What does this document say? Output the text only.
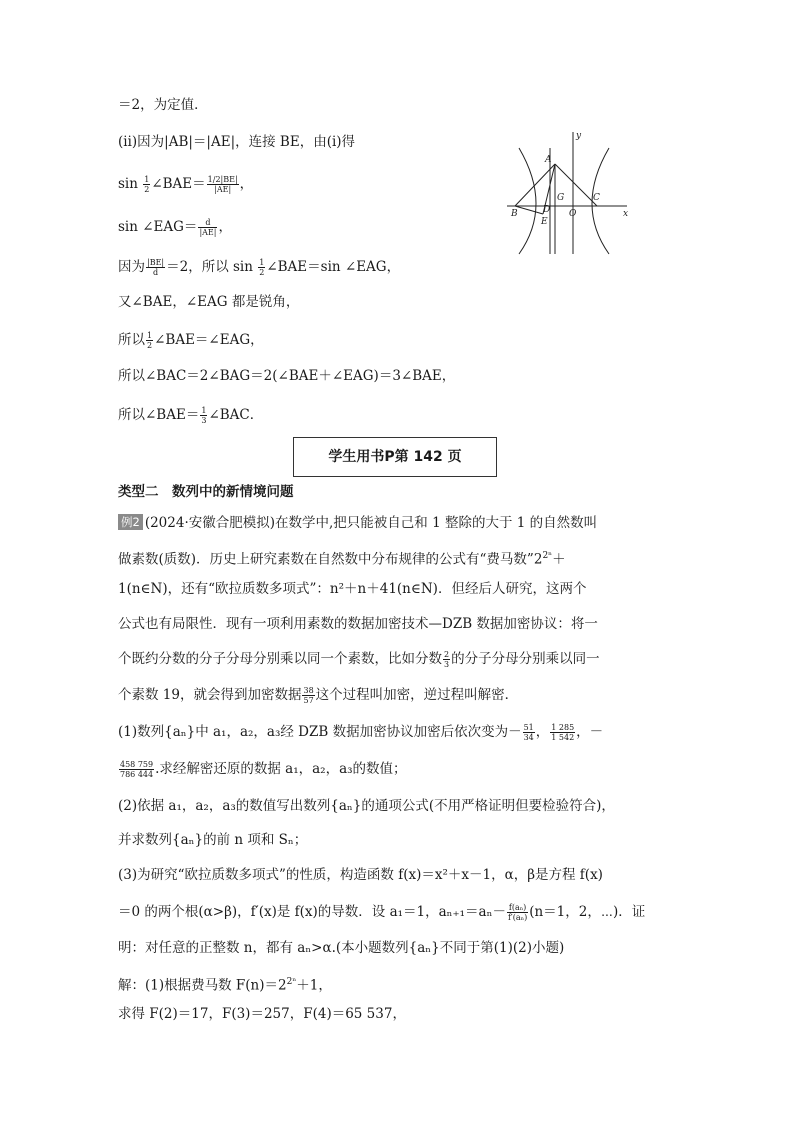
＝2，为定值．
(ⅱ)因为|AB|＝|AE|，连接 BE，由(ⅰ)得
$\sin \frac{1}{2}$ ∠BAE＝ $\frac{1/2|BE|}{|AE|}$ ，
sin ∠EAG＝ $\frac{d}{|AE|}$ ，
因为 $\frac{|BE|}{d} =2$，所以 $\sin \frac{1}{2}$ ∠BAE＝sin ∠EAG，
又∠BAE，∠EAG 都是锐角，
所以 $\frac{1}{2}$ ∠BAE＝∠EAG，
所以∠BAC＝2∠BAG＝2(∠BAE＋∠EAG)＝3∠BAE，
所以∠BAE＝ $\frac{1}{3}$ ∠BAC．
y
x
A
B
C
D
E
G
O
学生用书P第 142 页
类型二　数列中的新情境问题
例2 (2024·安徽合肥模拟)在数学中,把只能被自己和 1 整除的大于 1 的自然数叫
做素数(质数)．历史上研究素数在自然数中分布规律的公式有“费马数$”2^{2^n}+$
1(n∈N)，还有“欧拉质数多项式”：n²＋n＋41(n∈N)．但经后人研究，这两个
公式也有局限性．现有一项利用素数的数据加密技术—DZB 数据加密协议：将一
个既约分数的分子分母分别乘以同一个素数，比如分数 $\frac{2}{3}$ 的分子分母分别乘以同一
个素数 19，就会得到加密数据 $\frac{38}{57}$ 这个过程叫加密，逆过程叫解密．
(1)数列{aₙ}中 a₁，a₂，a₃经 DZB 数据加密协议加密后依次变为－ $\frac{51}{34}$ ， $\frac{1 285}{1 542}$ ，－
$\frac{458 759}{786 444}$ .求经解密还原的数据 a₁，a₂，a₃的数值；
(2)依据 a₁，a₂，a₃的数值写出数列{aₙ}的通项公式(不用严格证明但要检验符合)，
并求数列{aₙ}的前 n 项和 Sₙ；
(3)为研究“欧拉质数多项式”的性质，构造函数 f(x)＝x²＋x－1，α，β是方程 f(x)
＝0 的两个根(α>β)，f′(x)是 f(x)的导数．设 a₁＝1，$a_{n+1}=a_n- \frac{\text{f(aₙ)}}{\text{f′(aₙ)}} (n=1$，2，⋯)．证
明：对任意的正整数 n，都有 aₙ>α.(本小题数列{aₙ}不同于第(1)(2)小题)
解：(1)根据费马数 $F(n)=2^{2^n}+1$，
求得 F(2)＝17，F(3)＝257，F(4)＝65 537，
